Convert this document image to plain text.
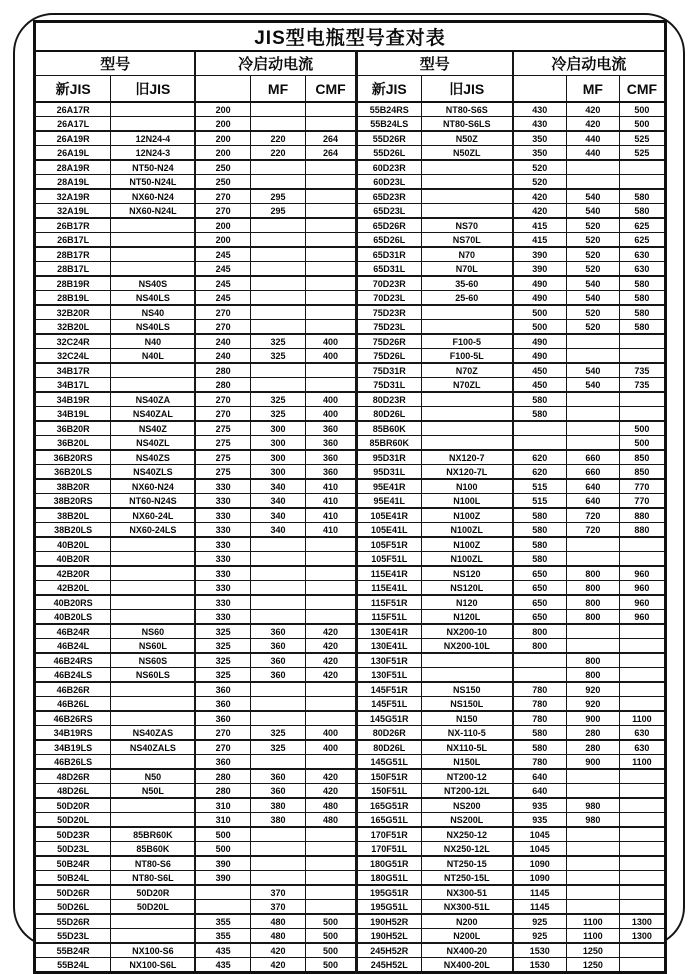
JIS型电瓶型号查对表									
型号		冷启动电流			型号		冷启动电流		
新JIS	旧JIS		MF	CMF	新JIS	旧JIS		MF	CMF
26A17R		200			55B24RS	NT80-S6S	430	420	500
26A17L		200			55B24LS	NT80-S6LS	430	420	500
26A19R	12N24-4	200	220	264	55D26R	N50Z	350	440	525
26A19L	12N24-3	200	220	264	55D26L	N50ZL	350	440	525
28A19R	NT50-N24	250			60D23R		520		
28A19L	NT50-N24L	250			60D23L		520		
32A19R	NX60-N24	270	295		65D23R		420	540	580
32A19L	NX60-N24L	270	295		65D23L		420	540	580
26B17R		200			65D26R	NS70	415	520	625
26B17L		200			65D26L	NS70L	415	520	625
28B17R		245			65D31R	N70	390	520	630
28B17L		245			65D31L	N70L	390	520	630
28B19R	NS40S	245			70D23R	35-60	490	540	580
28B19L	NS40LS	245			70D23L	25-60	490	540	580
32B20R	NS40	270			75D23R		500	520	580
32B20L	NS40LS	270			75D23L		500	520	580
32C24R	N40	240	325	400	75D26R	F100-5	490		
32C24L	N40L	240	325	400	75D26L	F100-5L	490		
34B17R		280			75D31R	N70Z	450	540	735
34B17L		280			75D31L	N70ZL	450	540	735
34B19R	NS40ZA	270	325	400	80D23R		580		
34B19L	NS40ZAL	270	325	400	80D26L		580		
36B20R	NS40Z	275	300	360	85B60K				500
36B20L	NS40ZL	275	300	360	85BR60K				500
36B20RS	NS40ZS	275	300	360	95D31R	NX120-7	620	660	850
36B20LS	NS40ZLS	275	300	360	95D31L	NX120-7L	620	660	850
38B20R	NX60-N24	330	340	410	95E41R	N100	515	640	770
38B20RS	NT60-N24S	330	340	410	95E41L	N100L	515	640	770
38B20L	NX60-24L	330	340	410	105E41R	N100Z	580	720	880
38B20LS	NX60-24LS	330	340	410	105E41L	N100ZL	580	720	880
40B20L		330			105F51R	N100Z	580		
40B20R		330			105F51L	N100ZL	580		
42B20R		330			115E41R	NS120	650	800	960
42B20L		330			115E41L	NS120L	650	800	960
40B20RS		330			115F51R	N120	650	800	960
40B20LS		330			115F51L	N120L	650	800	960
46B24R	NS60	325	360	420	130E41R	NX200-10	800		
46B24L	NS60L	325	360	420	130E41L	NX200-10L	800		
46B24RS	NS60S	325	360	420	130F51R			800	
46B24LS	NS60LS	325	360	420	130F51L			800	
46B26R		360			145F51R	NS150	780	920	
46B26L		360			145F51L	NS150L	780	920	
46B26RS		360			145G51R	N150	780	900	1100
34B19RS	NS40ZAS	270	325	400	80D26R	NX-110-5	580	280	630
34B19LS	NS40ZALS	270	325	400	80D26L	NX110-5L	580	280	630
46B26LS		360			145G51L	N150L	780	900	1100
48D26R	N50	280	360	420	150F51R	NT200-12	640		
48D26L	N50L	280	360	420	150F51L	NT200-12L	640		
50D20R		310	380	480	165G51R	NS200	935	980	
50D20L		310	380	480	165G51L	NS200L	935	980	
50D23R	85BR60K	500			170F51R	NX250-12	1045		
50D23L	85B60K	500			170F51L	NX250-12L	1045		
50B24R	NT80-S6	390			180G51R	NT250-15	1090		
50B24L	NT80-S6L	390			180G51L	NT250-15L	1090		
50D26R	50D20R		370		195G51R	NX300-51	1145		
50D26L	50D20L		370		195G51L	NX300-51L	1145		
55D26R		355	480	500	190H52R	N200	925	1100	1300
55D23L		355	480	500	190H52L	N200L	925	1100	1300
55B24R	NX100-S6	435	420	500	245H52R	NX400-20	1530	1250	
55B24L	NX100-S6L	435	420	500	245H52L	NX400-20L	1530	1250	
